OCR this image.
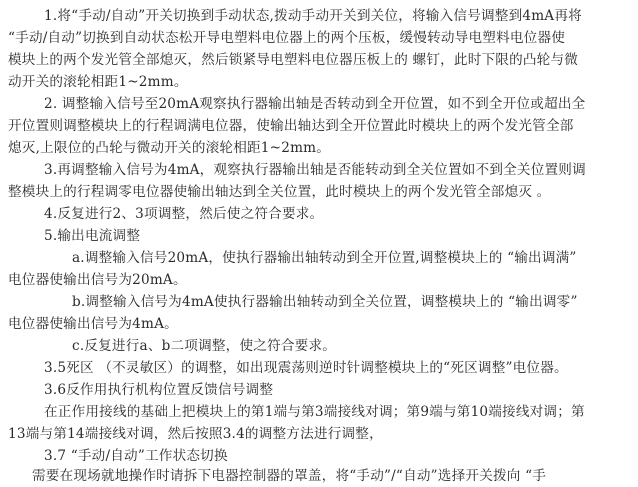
1.将“手动/自动”开关切换到手动状态,拨动手动开关到关位，将输入信号调整到4mA再将
“手动/自动”切换到自动状态松开导电塑料电位器上的两个压板，缓慢转动导电塑料电位器使
模块上的两个发光管全部熄灭，然后锁紧导电塑料电位器压板上的 螺钉，此时下限的凸轮与微
动开关的滚轮相距1~2mm。
2. 调整输入信号至20mA观察执行器输出轴是否转动到全开位置，如不到全开位或超出全
开位置则调整模块上的行程调满电位器，使输出轴达到全开位置此时模块上的两个发光管全部
熄灭,上限位的凸轮与微动开关的滚轮相距1~2mm。
3.再调整输入信号为4mA，观察执行器输出轴是否能转动到全关位置如不到全关位置则调
整模块上的行程调零电位器使输出轴达到全关位置，此时模块上的两个发光管全部熄灭 。
4.反复进行2、3项调整，然后使之符合要求。
5.输出电流调整
a.调整输入信号20mA，使执行器输出轴转动到全开位置,调整模块上的 “输出调满”
电位器使输出信号为20mA。
b.调整输入信号为4mA使执行器输出轴转动到全关位置，调整模块上的 “输出调零”
电位器使输出信号为4mA。
c.反复进行a、b二项调整，使之符合要求。
3.5死区 （不灵敏区）的调整，如出现震荡则逆时针调整模块上的“死区调整”电位器。
3.6反作用执行机构位置反馈信号调整
在正作用接线的基础上把模块上的第1端与第3端接线对调；第9端与第10端接线对调；第
13端与第14端接线对调，然后按照3.4的调整方法进行调整，
3.7 “手动/自动”工作状态切换
需要在现场就地操作时请拆下电器控制器的罩盖，将“手动”/“自动”选择开关拨向 “手
